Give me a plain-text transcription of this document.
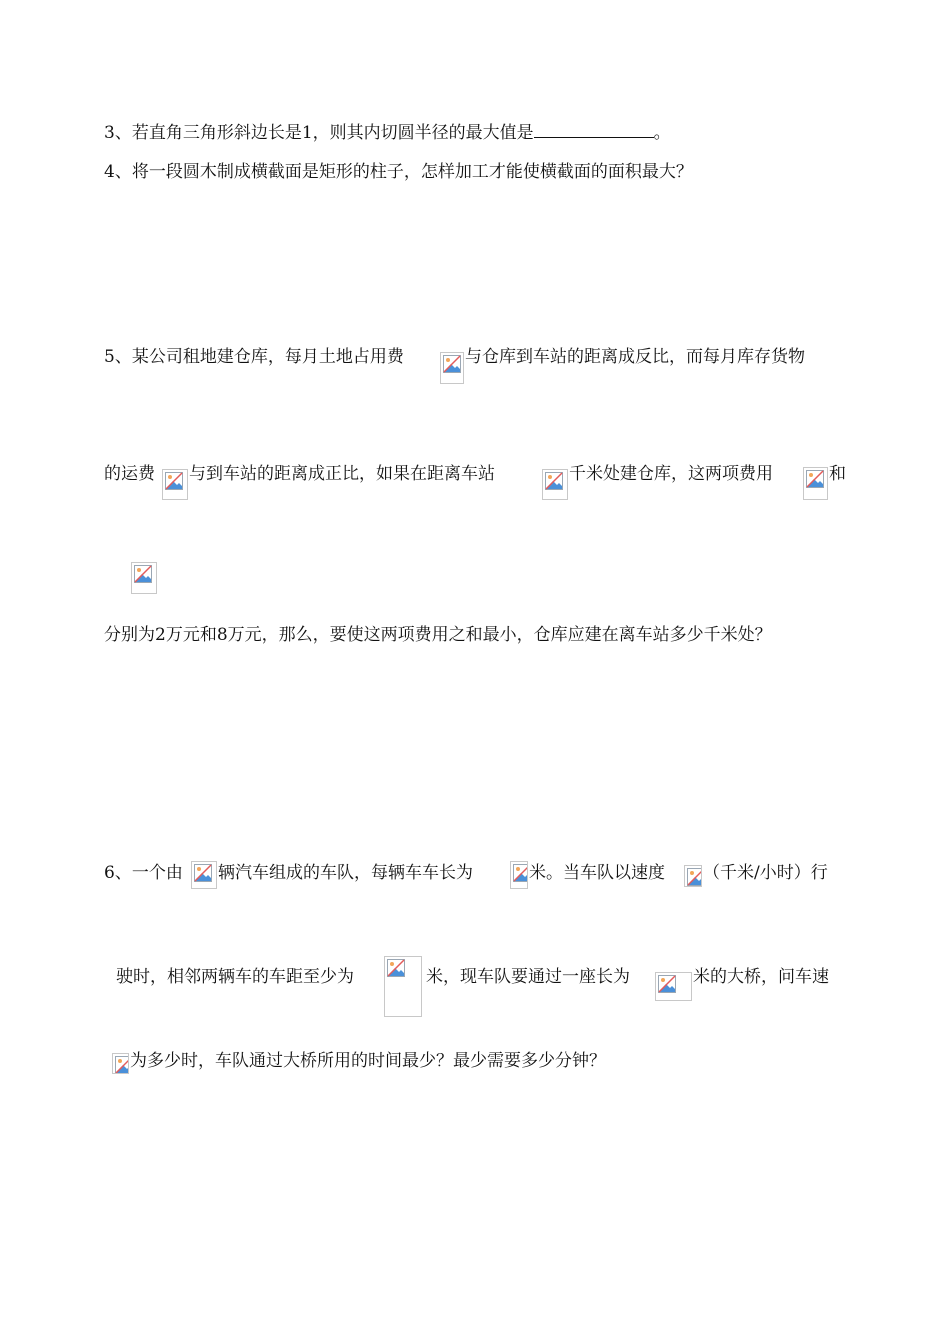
3、若直角三角形斜边长是1，则其内切圆半径的最大值是	。
4、将一段圆木制成横截面是矩形的柱子，怎样加工才能使横截面的面积最大？
5、某公司租地建仓库，每月土地占用费	与仓库到车站的距离成反比，而每月库存货物
的运费 与到车站的距离成正比，如果在距离车站	千米处建仓库，这两项费用	和
分别为2万元和8万元，那么，要使这两项费用之和最小，仓库应建在离车站多少千米处？
6、一个由 辆汽车组成的车队，每辆车车长为	米。当车队以速度 （千米/小时）行
驶时，相邻两辆车的车距至少为	米，现车队要通过一座长为	米的大桥，问车速
为多少时，车队通过大桥所用的时间最少？最少需要多少分钟？
